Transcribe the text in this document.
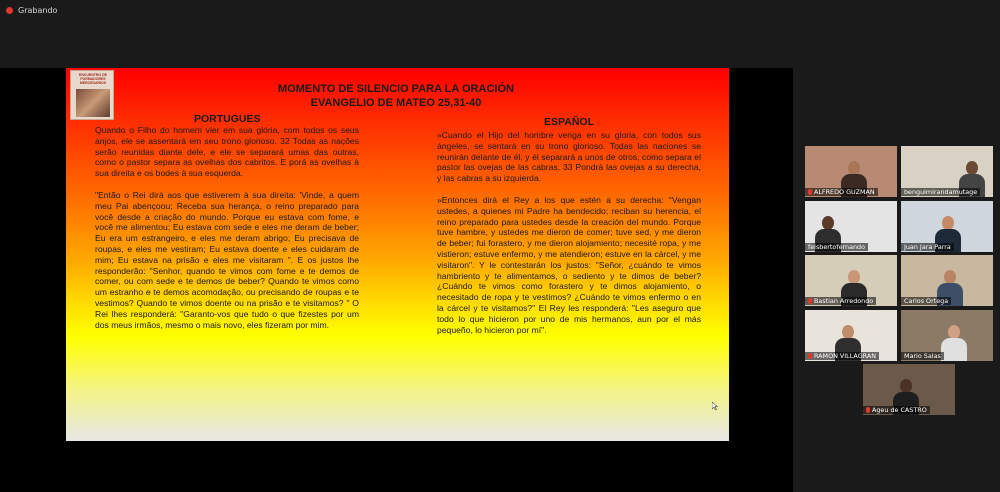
Grabando
ENCUENTRO DE FORMADORES MERCEDARIOS	MOMENTO DE SILENCIO PARA LA ORACIÓN
EVANGELIO DE MATEO 25,31-40
PORTUGUES	ESPAÑOL

Quando o Filho do homem vier em sua glória, com todos os seus anjos, ele se assentará em seu trono glorioso. 32 Todas as nações serão reunidas diante dele, e ele se separará umas das outras, como o pastor separa as ovelhas dos cabritos. E porá as ovelhas à sua direita e os bodes à sua esquerda.

"Então o Rei dirá aos que estiverem à sua direita: 'Vinde, a quem meu Pai abençoou; Receba sua herança, o reino preparado para você desde a criação do mundo. Porque eu estava com fome, e você me alimentou; Eu estava com sede e eles me deram de beber; Eu era um estrangeiro, e eles me deram abrigo; Eu precisava de roupas, e eles me vestiram; Eu estava doente e eles cuidaram de mim; Eu estava na prisão e eles me visitaram ". E os justos lhe responderão: "Senhor, quando te vimos com fome e te demos de comer, ou com sede e te demos de beber? Quando te vimos como um estranho e te demos acomodação, ou precisando de roupas e te vestimos? Quando te vimos doente ou na prisão e te visitamos? " O Rei lhes responderá: "Garanto-vos que tudo o que fizestes por um dos meus irmãos, mesmo o mais novo, eles fizeram por mim.

»Cuando el Hijo del hombre venga en su gloria, con todos sus ángeles, se sentará en su trono glorioso. Todas las naciones se reunirán delante de él, y él separará a unos de otros, como separa el pastor las ovejas de las cabras. 33 Pondrá las ovejas a su derecha, y las cabras a su izquierda.

»Entonces dirá el Rey a los que estén a su derecha: "Vengan ustedes, a quienes mi Padre ha bendecido; reciban su herencia, el reino preparado para ustedes desde la creación del mundo. Porque tuve hambre, y ustedes me dieron de comer; tuve sed, y me dieron de beber; fui forastero, y me dieron alojamiento; necesité ropa, y me vistieron; estuve enfermo, y me atendieron; estuve en la cárcel, y me visitaron". Y le contestarán los justos: "Señor, ¿cuándo te vimos hambriento y te alimentamos, o sediento y te dimos de beber? ¿Cuándo te vimos como forastero y te dimos alojamiento, o necesitado de ropa y te vestimos? ¿Cuándo te vimos enfermo o en la cárcel y te visitamos?" El Rey les responderá: "Les aseguro que todo lo que hicieron por uno de mis hermanos, aun por el más pequeño, lo hicieron por mí".

ALFREDO GUZMAN	benguimirandamutage
felsbertofernando	Juan Jara Parra
Bastian Arredondo	Carlos Ortega
RAMON VILLAGRAN	Mario Salas
Ageu de CASTRO
